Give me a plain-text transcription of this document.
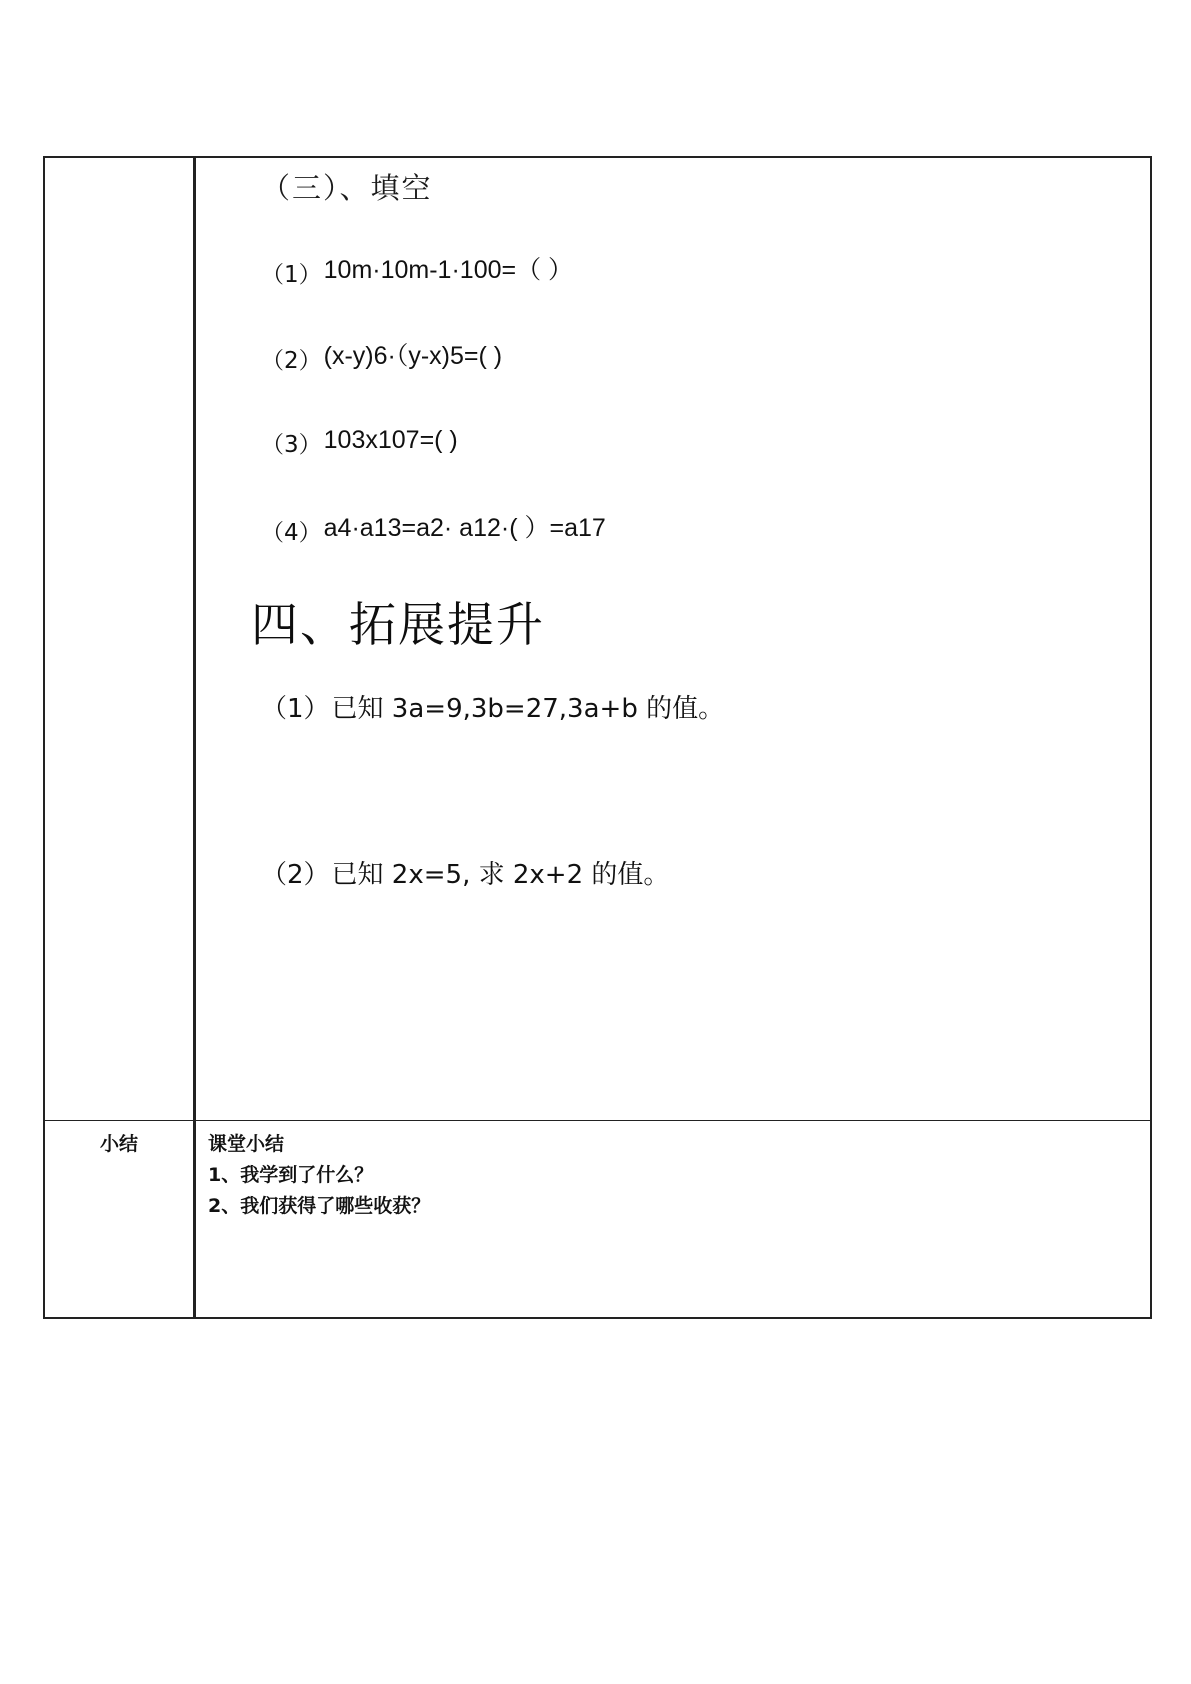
（三）、填空
（1）10m·10m-1·100=（ ）
（2）(x-y)6·（y-x)5=( )
（3）103x107=( )
（4）a4·a13=a2· a12·( ）=a17
四、拓展提升
（1）已知 3a=9,3b=27,3a+b 的值。
（2）已知 2x=5, 求 2x+2 的值。
小结	课堂小结
1、我学到了什么？
2、我们获得了哪些收获？
